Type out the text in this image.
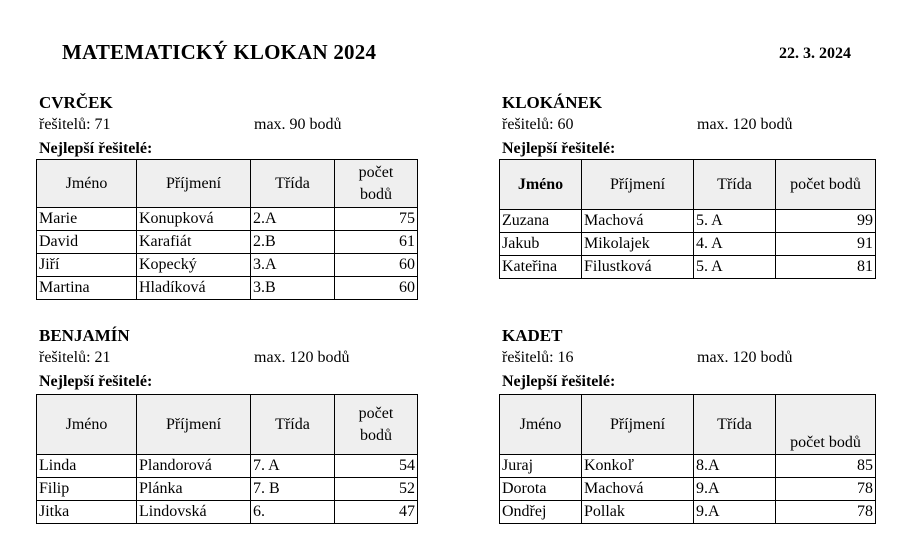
MATEMATICKÝ KLOKAN 2024	22. 3. 2024
CVRČEK
řešitelů: 71	max. 90 bodů
Nejlepší řešitelé:
Jméno	Příjmení	Třída	počet
bodů
Marie	Konupková	2.A	75
David	Karafiát	2.B	61
Jiří	Kopecký	3.A	60
Martina	Hladíková	3.B	60
KLOKÁNEK
řešitelů: 60	max. 120 bodů
Nejlepší řešitelé:
Jméno	Příjmení	Třída	počet bodů
Zuzana	Machová	5. A	99
Jakub	Mikolajek	4. A	91
Kateřina	Filustková	5. A	81
BENJAMÍN
řešitelů: 21	max. 120 bodů
Nejlepší řešitelé:
Jméno	Příjmení	Třída	počet
bodů
Linda	Plandorová	7. A	54
Filip	Plánka	7. B	52
Jitka	Lindovská	6.	47
KADET
řešitelů: 16	max. 120 bodů
Nejlepší řešitelé:
Jméno	Příjmení	Třída	počet bodů
Juraj	Konkoľ	8.A	85
Dorota	Machová	9.A	78
Ondřej	Pollak	9.A	78
